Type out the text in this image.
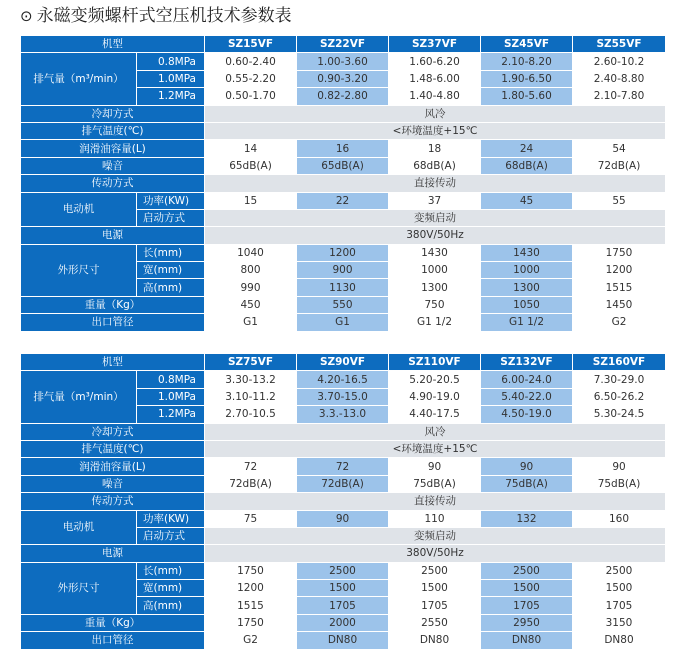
⊙ 永磁变频螺杆式空压机技术参数表
机型		SZ15VF	SZ22VF	SZ37VF	SZ45VF	SZ55VF
排气量（m³/min）	0.8MPa	0.60-2.40	1.00-3.60	1.60-6.20	2.10-8.20	2.60-10.2
	1.0MPa	0.55-2.20	0.90-3.20	1.48-6.00	1.90-6.50	2.40-8.80
	1.2MPa	0.50-1.70	0.82-2.80	1.40-4.80	1.80-5.60	2.10-7.80
冷却方式		风冷				
排气温度(℃)		<环境温度+15℃				
润滑油容量(L)		14	16	18	24	54
噪音		65dB(A)	65dB(A)	68dB(A)	68dB(A)	72dB(A)
传动方式		直接传动				
电动机	功率(KW)	15	22	37	45	55
	启动方式	变频启动				
电源		380V/50Hz				
外形尺寸	长(mm)	1040	1200	1430	1430	1750
	宽(mm)	800	900	1000	1000	1200
	高(mm)	990	1130	1300	1300	1515
重量（Kg）		450	550	750	1050	1450
出口管径		G1	G1	G1 1/2	G1 1/2	G2
机型		SZ75VF	SZ90VF	SZ110VF	SZ132VF	SZ160VF
排气量（m³/min）	0.8MPa	3.30-13.2	4.20-16.5	5.20-20.5	6.00-24.0	7.30-29.0
	1.0MPa	3.10-11.2	3.70-15.0	4.90-19.0	5.40-22.0	6.50-26.2
	1.2MPa	2.70-10.5	3.3.-13.0	4.40-17.5	4.50-19.0	5.30-24.5
冷却方式		风冷				
排气温度(℃)		<环境温度+15℃				
润滑油容量(L)		72	72	90	90	90
噪音		72dB(A)	72dB(A)	75dB(A)	75dB(A)	75dB(A)
传动方式		直接传动				
电动机	功率(KW)	75	90	110	132	160
	启动方式	变频启动				
电源		380V/50Hz				
外形尺寸	长(mm)	1750	2500	2500	2500	2500
	宽(mm)	1200	1500	1500	1500	1500
	高(mm)	1515	1705	1705	1705	1705
重量（Kg）		1750	2000	2550	2950	3150
出口管径		G2	DN80	DN80	DN80	DN80
